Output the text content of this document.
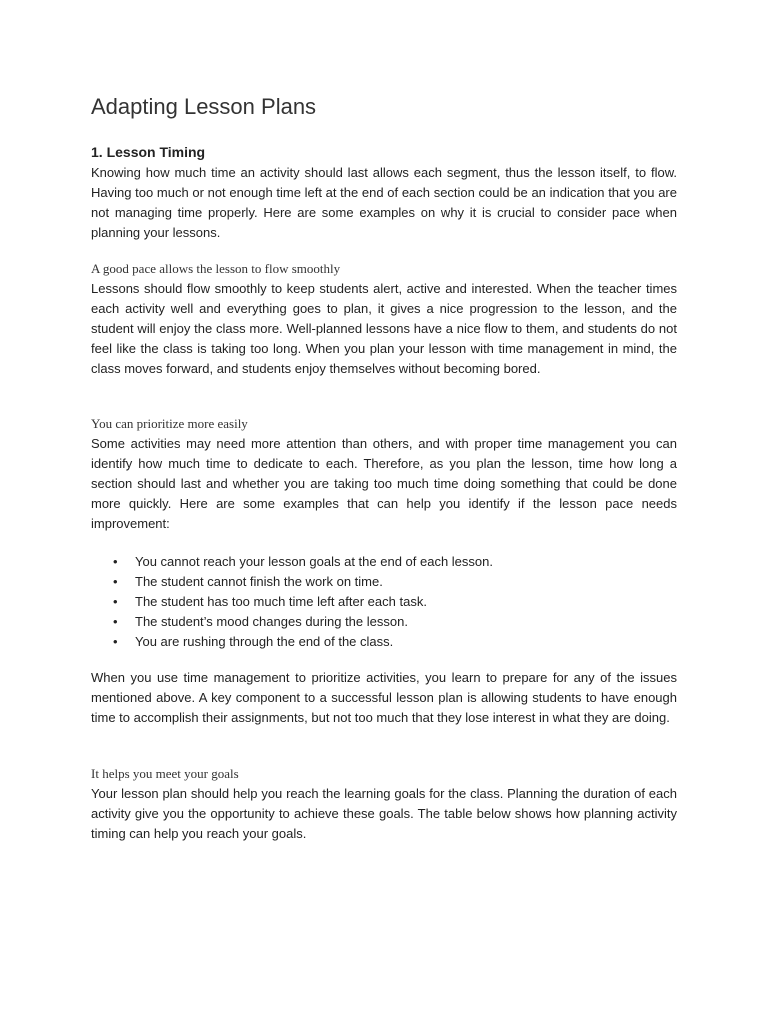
Adapting Lesson Plans
1. Lesson Timing

Knowing how much time an activity should last allows each segment, thus the lesson itself, to flow. Having too much or not enough time left at the end of each section could be an indication that you are not managing time properly. Here are some examples on why it is crucial to consider pace when planning your lessons.

A good pace allows the lesson to flow smoothly

Lessons should flow smoothly to keep students alert, active and interested. When the teacher times each activity well and everything goes to plan, it gives a nice progression to the lesson, and the student will enjoy the class more. Well-planned lessons have a nice flow to them, and students do not feel like the class is taking too long. When you plan your lesson with time management in mind, the class moves forward, and students enjoy themselves without becoming bored.

You can prioritize more easily

Some activities may need more attention than others, and with proper time management you can identify how much time to dedicate to each. Therefore, as you plan the lesson, time how long a section should last and whether you are taking too much time doing something that could be done more quickly. Here are some examples that can help you identify if the lesson pace needs improvement:

• You cannot reach your lesson goals at the end of each lesson.
• The student cannot finish the work on time.
• The student has too much time left after each task.
• The student’s mood changes during the lesson.
• You are rushing through the end of the class.

When you use time management to prioritize activities, you learn to prepare for any of the issues mentioned above. A key component to a successful lesson plan is allowing students to have enough time to accomplish their assignments, but not too much that they lose interest in what they are doing.

It helps you meet your goals

Your lesson plan should help you reach the learning goals for the class. Planning the duration of each activity give you the opportunity to achieve these goals. The table below shows how planning activity timing can help you reach your goals.
